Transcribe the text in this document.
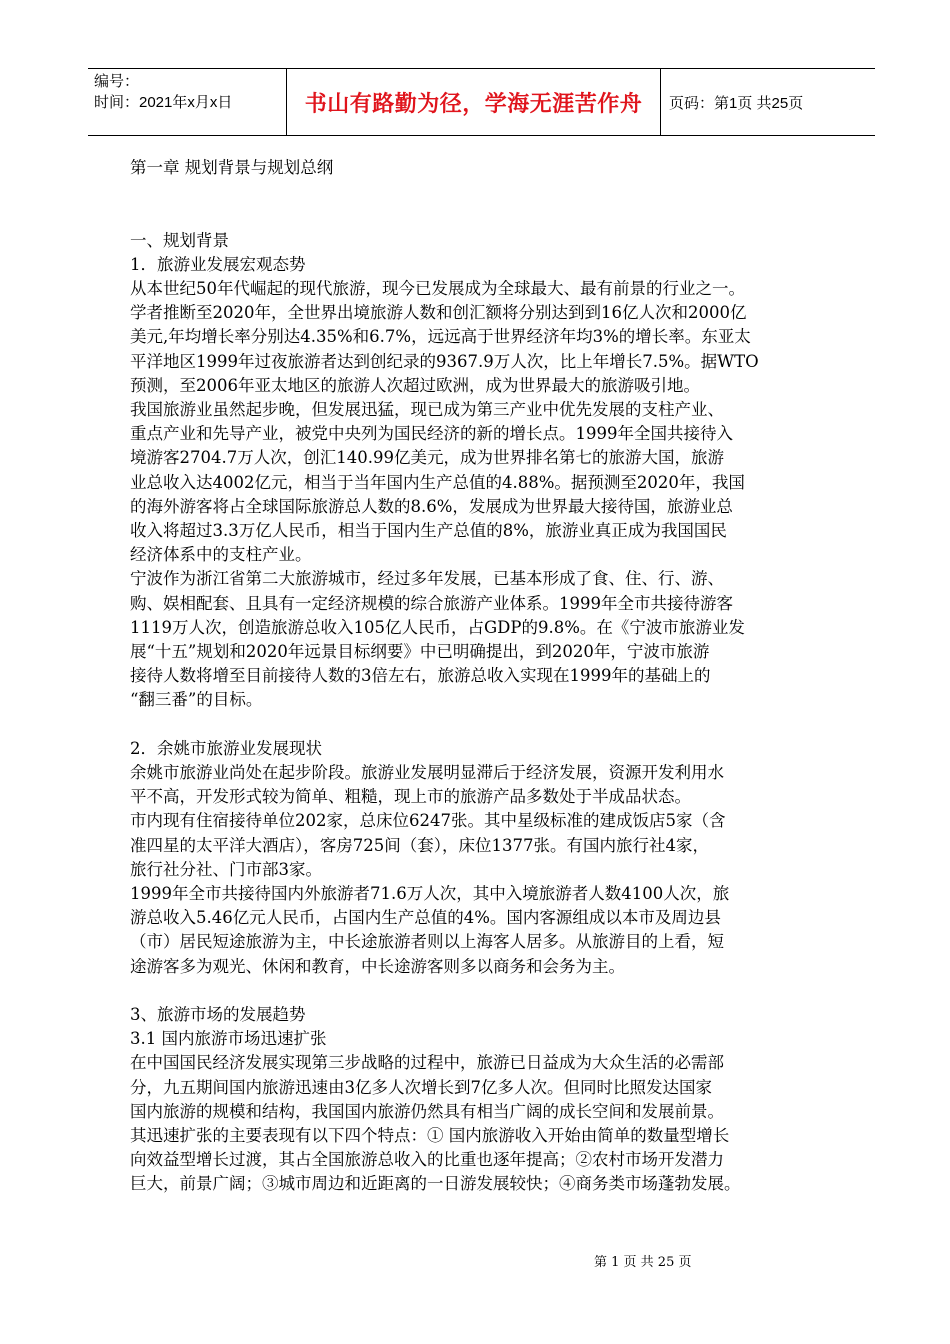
编号：
时间：2021年x月x日	书山有路勤为径，学海无涯苦作舟	页码：第1页 共25页

第一章 规划背景与规划总纲

一、规划背景

1．旅游业发展宏观态势

从本世纪50年代崛起的现代旅游，现今已发展成为全球最大、最有前景的行业之一。

学者推断至2020年，全世界出境旅游人数和创汇额将分别达到到16亿人次和2000亿

美元,年均增长率分别达4.35%和6.7%，远远高于世界经济年均3%的增长率。东亚太

平洋地区1999年过夜旅游者达到创纪录的9367.9万人次，比上年增长7.5%。据WTO

预测，至2006年亚太地区的旅游人次超过欧洲，成为世界最大的旅游吸引地。

我国旅游业虽然起步晚，但发展迅猛，现已成为第三产业中优先发展的支柱产业、

重点产业和先导产业，被党中央列为国民经济的新的增长点。1999年全国共接待入

境游客2704.7万人次，创汇140.99亿美元，成为世界排名第七的旅游大国，旅游

业总收入达4002亿元，相当于当年国内生产总值的4.88%。据预测至2020年，我国

的海外游客将占全球国际旅游总人数的8.6%，发展成为世界最大接待国，旅游业总

收入将超过3.3万亿人民币，相当于国内生产总值的8%，旅游业真正成为我国国民

经济体系中的支柱产业。

宁波作为浙江省第二大旅游城市，经过多年发展，已基本形成了食、住、行、游、

购、娱相配套、且具有一定经济规模的综合旅游产业体系。1999年全市共接待游客

1119万人次，创造旅游总收入105亿人民币，占GDP的9.8%。在《宁波市旅游业发

展“十五”规划和2020年远景目标纲要》中已明确提出，到2020年，宁波市旅游

接待人数将增至目前接待人数的3倍左右，旅游总收入实现在1999年的基础上的

“翻三番”的目标。

2．余姚市旅游业发展现状

余姚市旅游业尚处在起步阶段。旅游业发展明显滞后于经济发展，资源开发利用水

平不高，开发形式较为简单、粗糙，现上市的旅游产品多数处于半成品状态。

市内现有住宿接待单位202家，总床位6247张。其中星级标准的建成饭店5家（含

准四星的太平洋大酒店），客房725间（套），床位1377张。有国内旅行社4家，

旅行社分社、门市部3家。

1999年全市共接待国内外旅游者71.6万人次，其中入境旅游者人数4100人次，旅

游总收入5.46亿元人民币，占国内生产总值的4%。国内客源组成以本市及周边县

（市）居民短途旅游为主，中长途旅游者则以上海客人居多。从旅游目的上看，短

途游客多为观光、休闲和教育，中长途游客则多以商务和会务为主。

3、旅游市场的发展趋势

3.1 国内旅游市场迅速扩张

在中国国民经济发展实现第三步战略的过程中，旅游已日益成为大众生活的必需部

分，九五期间国内旅游迅速由3亿多人次增长到7亿多人次。但同时比照发达国家

国内旅游的规模和结构，我国国内旅游仍然具有相当广阔的成长空间和发展前景。

其迅速扩张的主要表现有以下四个特点：① 国内旅游收入开始由简单的数量型增长

向效益型增长过渡，其占全国旅游总收入的比重也逐年提高；②农村市场开发潜力

巨大，前景广阔；③城市周边和近距离的一日游发展较快；④商务类市场蓬勃发展。

第 1 页 共 25 页
